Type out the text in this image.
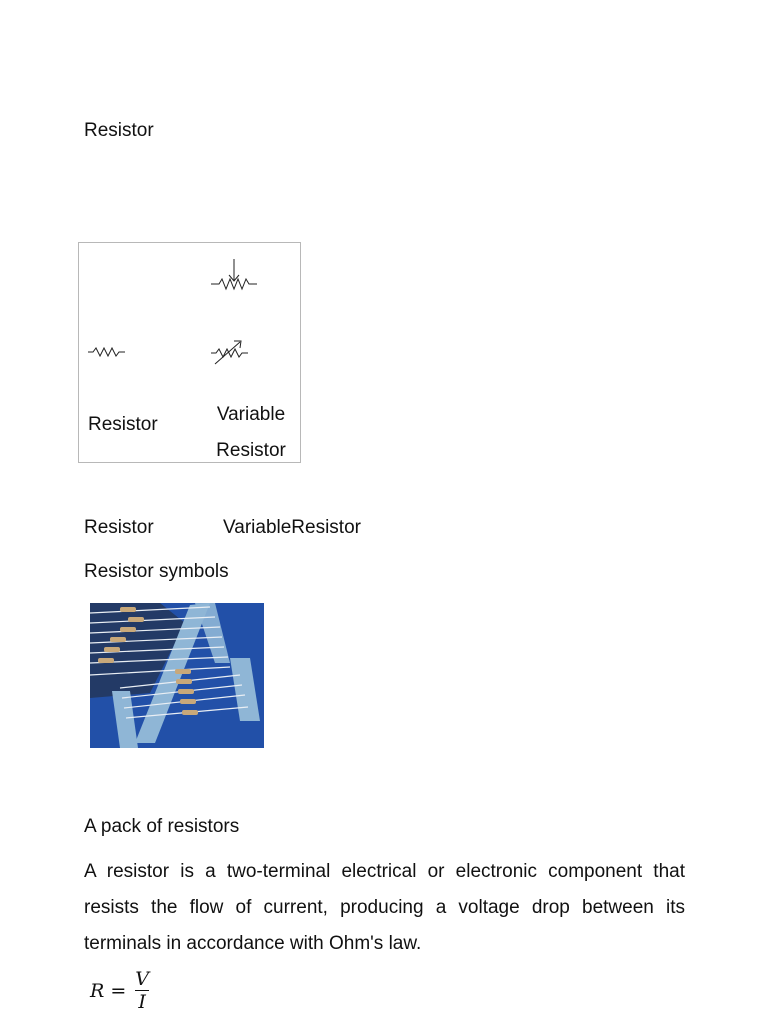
Resistor
Resistor	Variable
Resistor
Resistor	VariableResistor
Resistor symbols
A pack of resistors
A resistor is a two-terminal electrical or electronic component that resists the flow of current, producing a voltage drop between its terminals in accordance with Ohm's law.
$R = \frac{V}{I}$
